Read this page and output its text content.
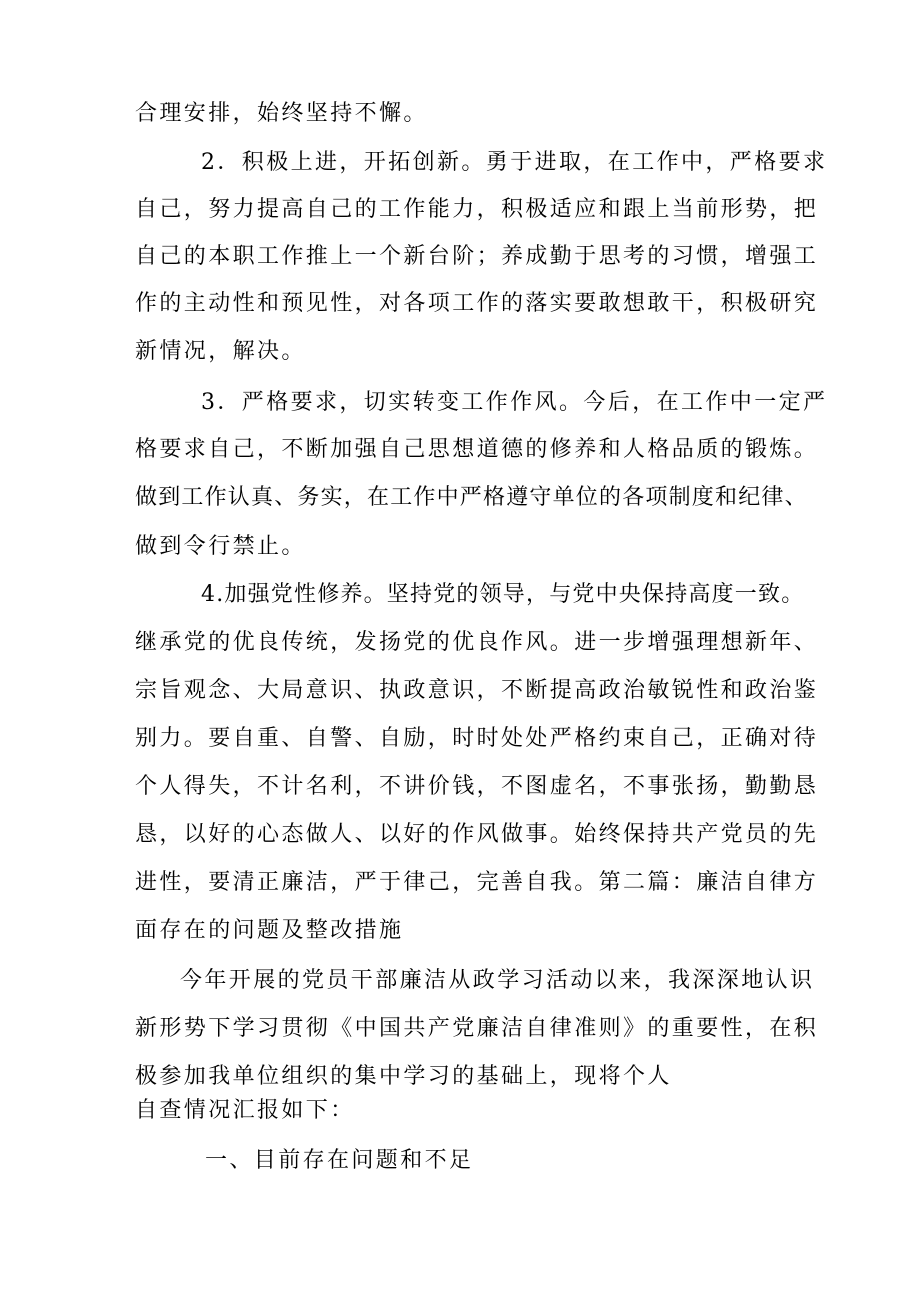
合理安排，始终坚持不懈。
2．积极上进，开拓创新。勇于进取，在工作中，严格要求
自己，努力提高自己的工作能力，积极适应和跟上当前形势，把
自己的本职工作推上一个新台阶；养成勤于思考的习惯，增强工
作的主动性和预见性，对各项工作的落实要敢想敢干，积极研究
新情况，解决。
3．严格要求，切实转变工作作风。今后，在工作中一定严
格要求自己，不断加强自己思想道德的修养和人格品质的锻炼。
做到工作认真、务实，在工作中严格遵守单位的各项制度和纪律、
做到令行禁止。
4.加强党性修养。坚持党的领导，与党中央保持高度一致。
继承党的优良传统，发扬党的优良作风。进一步增强理想新年、
宗旨观念、大局意识、执政意识，不断提高政治敏锐性和政治鉴
别力。要自重、自警、自励，时时处处严格约束自己，正确对待
个人得失，不计名利，不讲价钱，不图虚名，不事张扬，勤勤恳
恳，以好的心态做人、以好的作风做事。始终保持共产党员的先
进性，要清正廉洁，严于律己，完善自我。第二篇：廉洁自律方
面存在的问题及整改措施
今年开展的党员干部廉洁从政学习活动以来，我深深地认识
新形势下学习贯彻《中国共产党廉洁自律准则》的重要性，在积
极参加我单位组织的集中学习的基础上，现将个人
自查情况汇报如下：
一、目前存在问题和不足
